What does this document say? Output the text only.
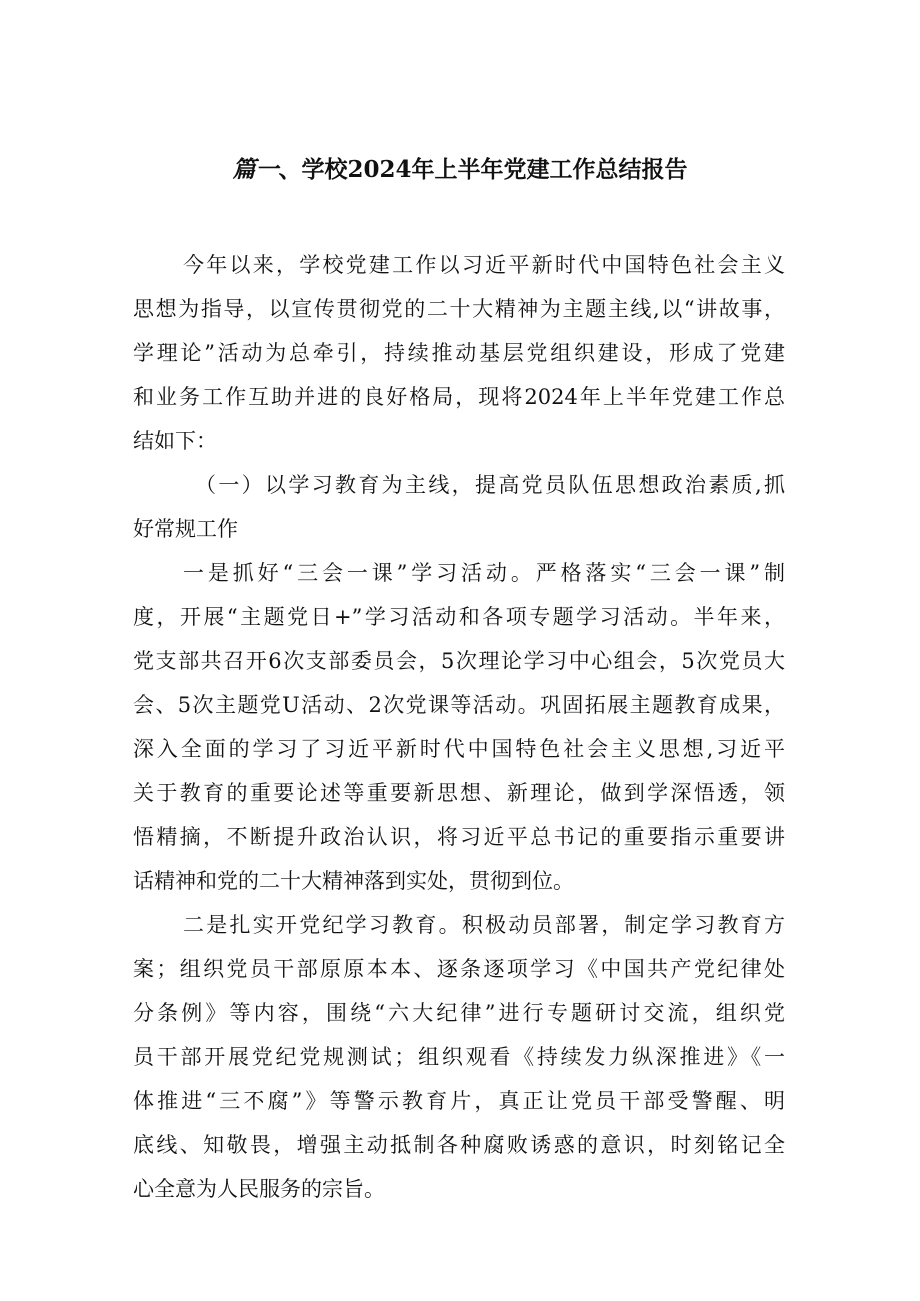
篇一、学校2024年上半年党建工作总结报告
今年以来，学校党建工作以习近平新时代中国特色社会主义
思想为指导，以宣传贯彻党的二十大精神为主题主线,以“讲故事，
学理论”活动为总牵引，持续推动基层党组织建设，形成了党建
和业务工作互助并进的良好格局，现将2024年上半年党建工作总
结如下：
（一）以学习教育为主线，提高党员队伍思想政治素质,抓
好常规工作
一是抓好“三会一课”学习活动。严格落实“三会一课”制
度，开展“主题党日+”学习活动和各项专题学习活动。半年来，
党支部共召开6次支部委员会，5次理论学习中心组会，5次党员大
会、5次主题党U活动、2次党课等活动。巩固拓展主题教育成果，
深入全面的学习了习近平新时代中国特色社会主义思想,习近平
关于教育的重要论述等重要新思想、新理论，做到学深悟透，领
悟精摘，不断提升政治认识，将习近平总书记的重要指示重要讲
话精神和党的二十大精神落到实处，贯彻到位。
二是扎实开党纪学习教育。积极动员部署，制定学习教育方
案；组织党员干部原原本本、逐条逐项学习《中国共产党纪律处
分条例》等内容，围绕“六大纪律”进行专题研讨交流，组织党
员干部开展党纪党规测试；组织观看《持续发力纵深推进》《一
体推进“三不腐”》等警示教育片，真正让党员干部受警醒、明
底线、知敬畏，增强主动抵制各种腐败诱惑的意识，时刻铭记全
心全意为人民服务的宗旨。
